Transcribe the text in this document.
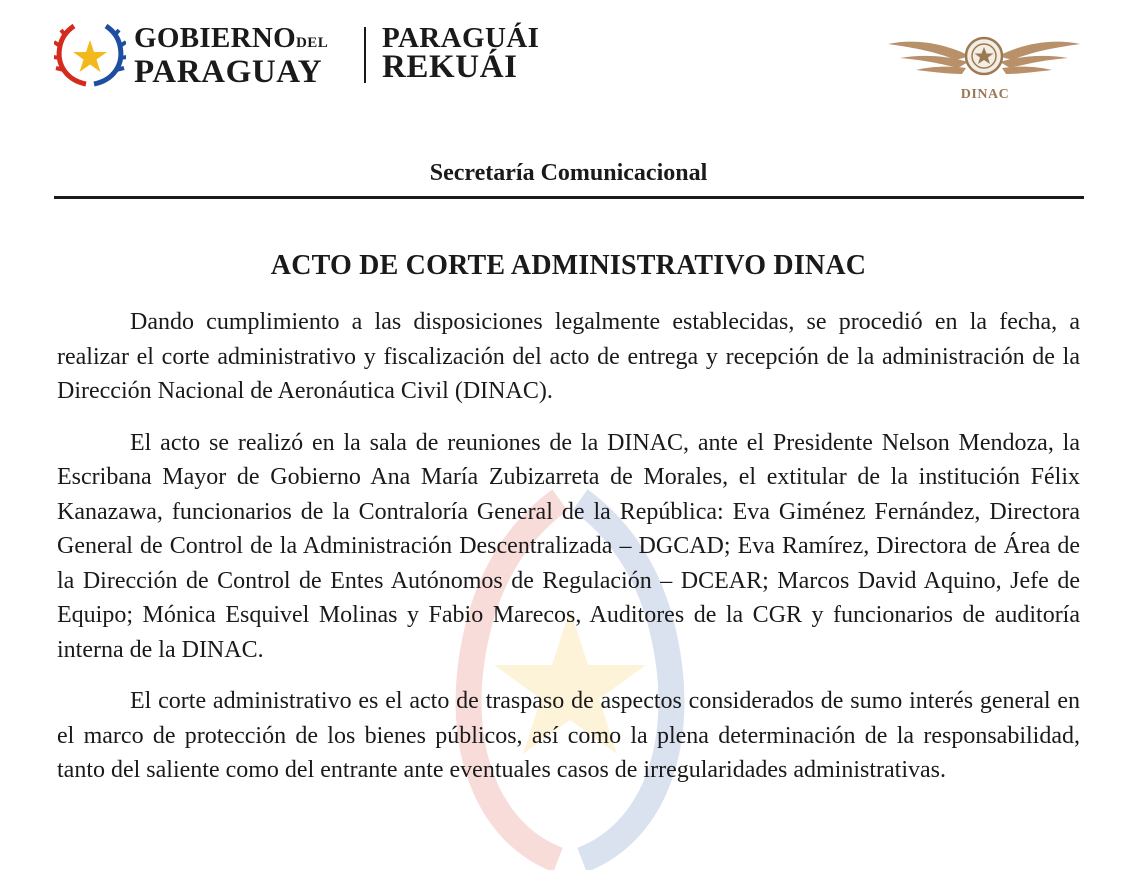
GOBIERNODEL
PARAGUAY
PARAGUÁI
REKUÁI
DINAC
Secretaría Comunicacional
ACTO DE CORTE ADMINISTRATIVO DINAC

Dando cumplimiento a las disposiciones legalmente establecidas, se procedió en la fecha, a realizar el corte administrativo y fiscalización del acto de entrega y recepción de la administración de la Dirección Nacional de Aeronáutica Civil (DINAC).

El acto se realizó en la sala de reuniones de la DINAC, ante el Presidente Nelson Mendoza, la Escribana Mayor de Gobierno Ana María Zubizarreta de Morales, el extitular de la institución Félix Kanazawa, funcionarios de la Contraloría General de la República: Eva Giménez Fernández, Directora General de Control de la Administración Descentralizada – DGCAD; Eva Ramírez, Directora de Área de la Dirección de Control de Entes Autónomos de Regulación – DCEAR; Marcos David Aquino, Jefe de Equipo; Mónica Esquivel Molinas y Fabio Marecos, Auditores de la CGR y funcionarios de auditoría interna de la DINAC.

El corte administrativo es el acto de traspaso de aspectos considerados de sumo interés general en el marco de protección de los bienes públicos, así como la plena determinación de la responsabilidad, tanto del saliente como del entrante ante eventuales casos de irregularidades administrativas.
